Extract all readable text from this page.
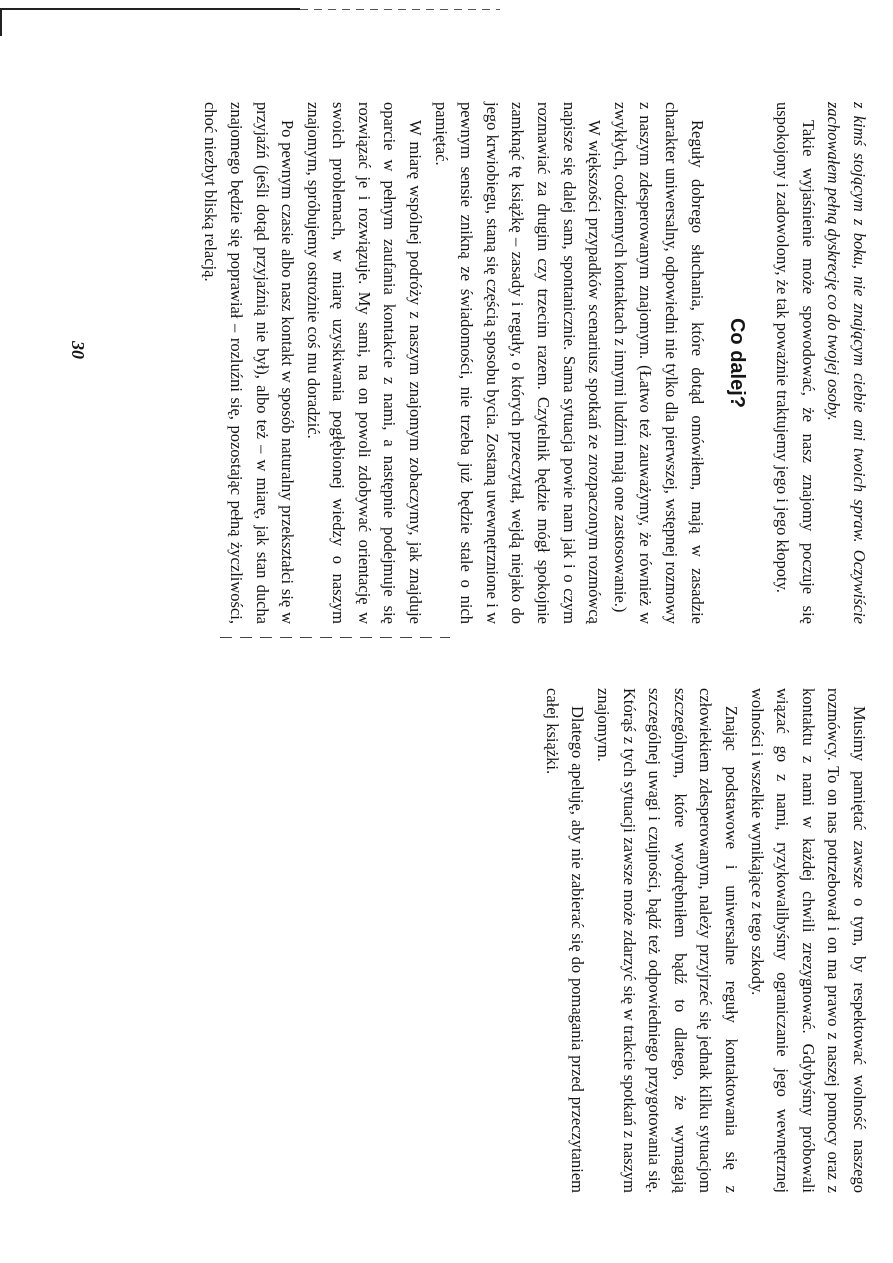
z kimś stojącym z boku, nie znającym ciebie ani twoich spraw. Oczywiście zachowałem pełną dyskrecję co do twojej osoby.

Takie wyjaśnienie może spowodować, że nasz znajomy poczuje się uspokojony i zadowolony, że tak poważnie traktujemy jego i jego kłopoty.

Co dalej?

Reguły dobrego słuchania, które dotąd omówiłem, mają w zasadzie charakter uniwersalny, odpowiedni nie tylko dla pierwszej, wstępnej rozmowy z naszym zdesperowanym znajomym. (Łatwo też zauważymy, że również w zwykłych, codziennych kontaktach z innymi ludźmi mają one zastosowanie.)

W większości przypadków scenariusz spotkań ze zrozpaczonym rozmówcą napisze się dalej sam, spontanicznie. Sama sytuacja powie nam jak i o czym rozmawiać za drugim czy trzecim razem. Czytelnik będzie mógł spokojnie zamknąć tę książkę – zasady i reguły, o których przeczytał, wejdą niejako do jego krwiobiegu, staną się częścią sposobu bycia. Zostaną uwewnętrznione i w pewnym sensie znikną ze świadomości, nie trzeba już będzie stale o nich pamiętać.

W miarę wspólnej podróży z naszym znajomym zobaczymy, jak znajduje oparcie w pełnym zaufania kontakcie z nami, a następnie podejmuje się rozwiązać je i rozwiązuje. My sami, na on powoli zdobywać orientację w swoich problemach, w miarę uzyskiwania pogłębionej wiedzy o naszym znajomym, spróbujemy ostrożnie coś mu doradzić.

Po pewnym czasie albo nasz kontakt w sposób naturalny przekształci się w przyjaźń (jeśli dotąd przyjaźnią nie był), albo też – w miarę, jak stan ducha znajomego będzie się poprawiał – rozluźni się, pozostając pełną życzliwości, choć niezbyt bliską relacją.

30

Musimy pamiętać zawsze o tym, by respektować wolność naszego rozmówcy. To on nas potrzebował i on ma prawo z naszej pomocy oraz z kontaktu z nami w każdej chwili zrezygnować. Gdybyśmy próbowali wiązać go z nami, ryzykowalibyśmy ograniczanie jego wewnętrznej wolności i wszelkie wynikające z tego szkody.

Znając podstawowe i uniwersalne reguły kontaktowania się z człowiekiem zdesperowanym, należy przyjrzeć się jednak kilku sytuacjom szczególnym, które wyodrębniłem bądź to dlatego, że wymagają szczególnej uwagi i czujności, bądź też odpowiedniego przygotowania się. Którąś z tych sytuacji zawsze może zdarzyć się w trakcie spotkań z naszym znajomym.

Dlatego apeluję, aby nie zabierać się do pomagania przed przeczytaniem całej książki.
